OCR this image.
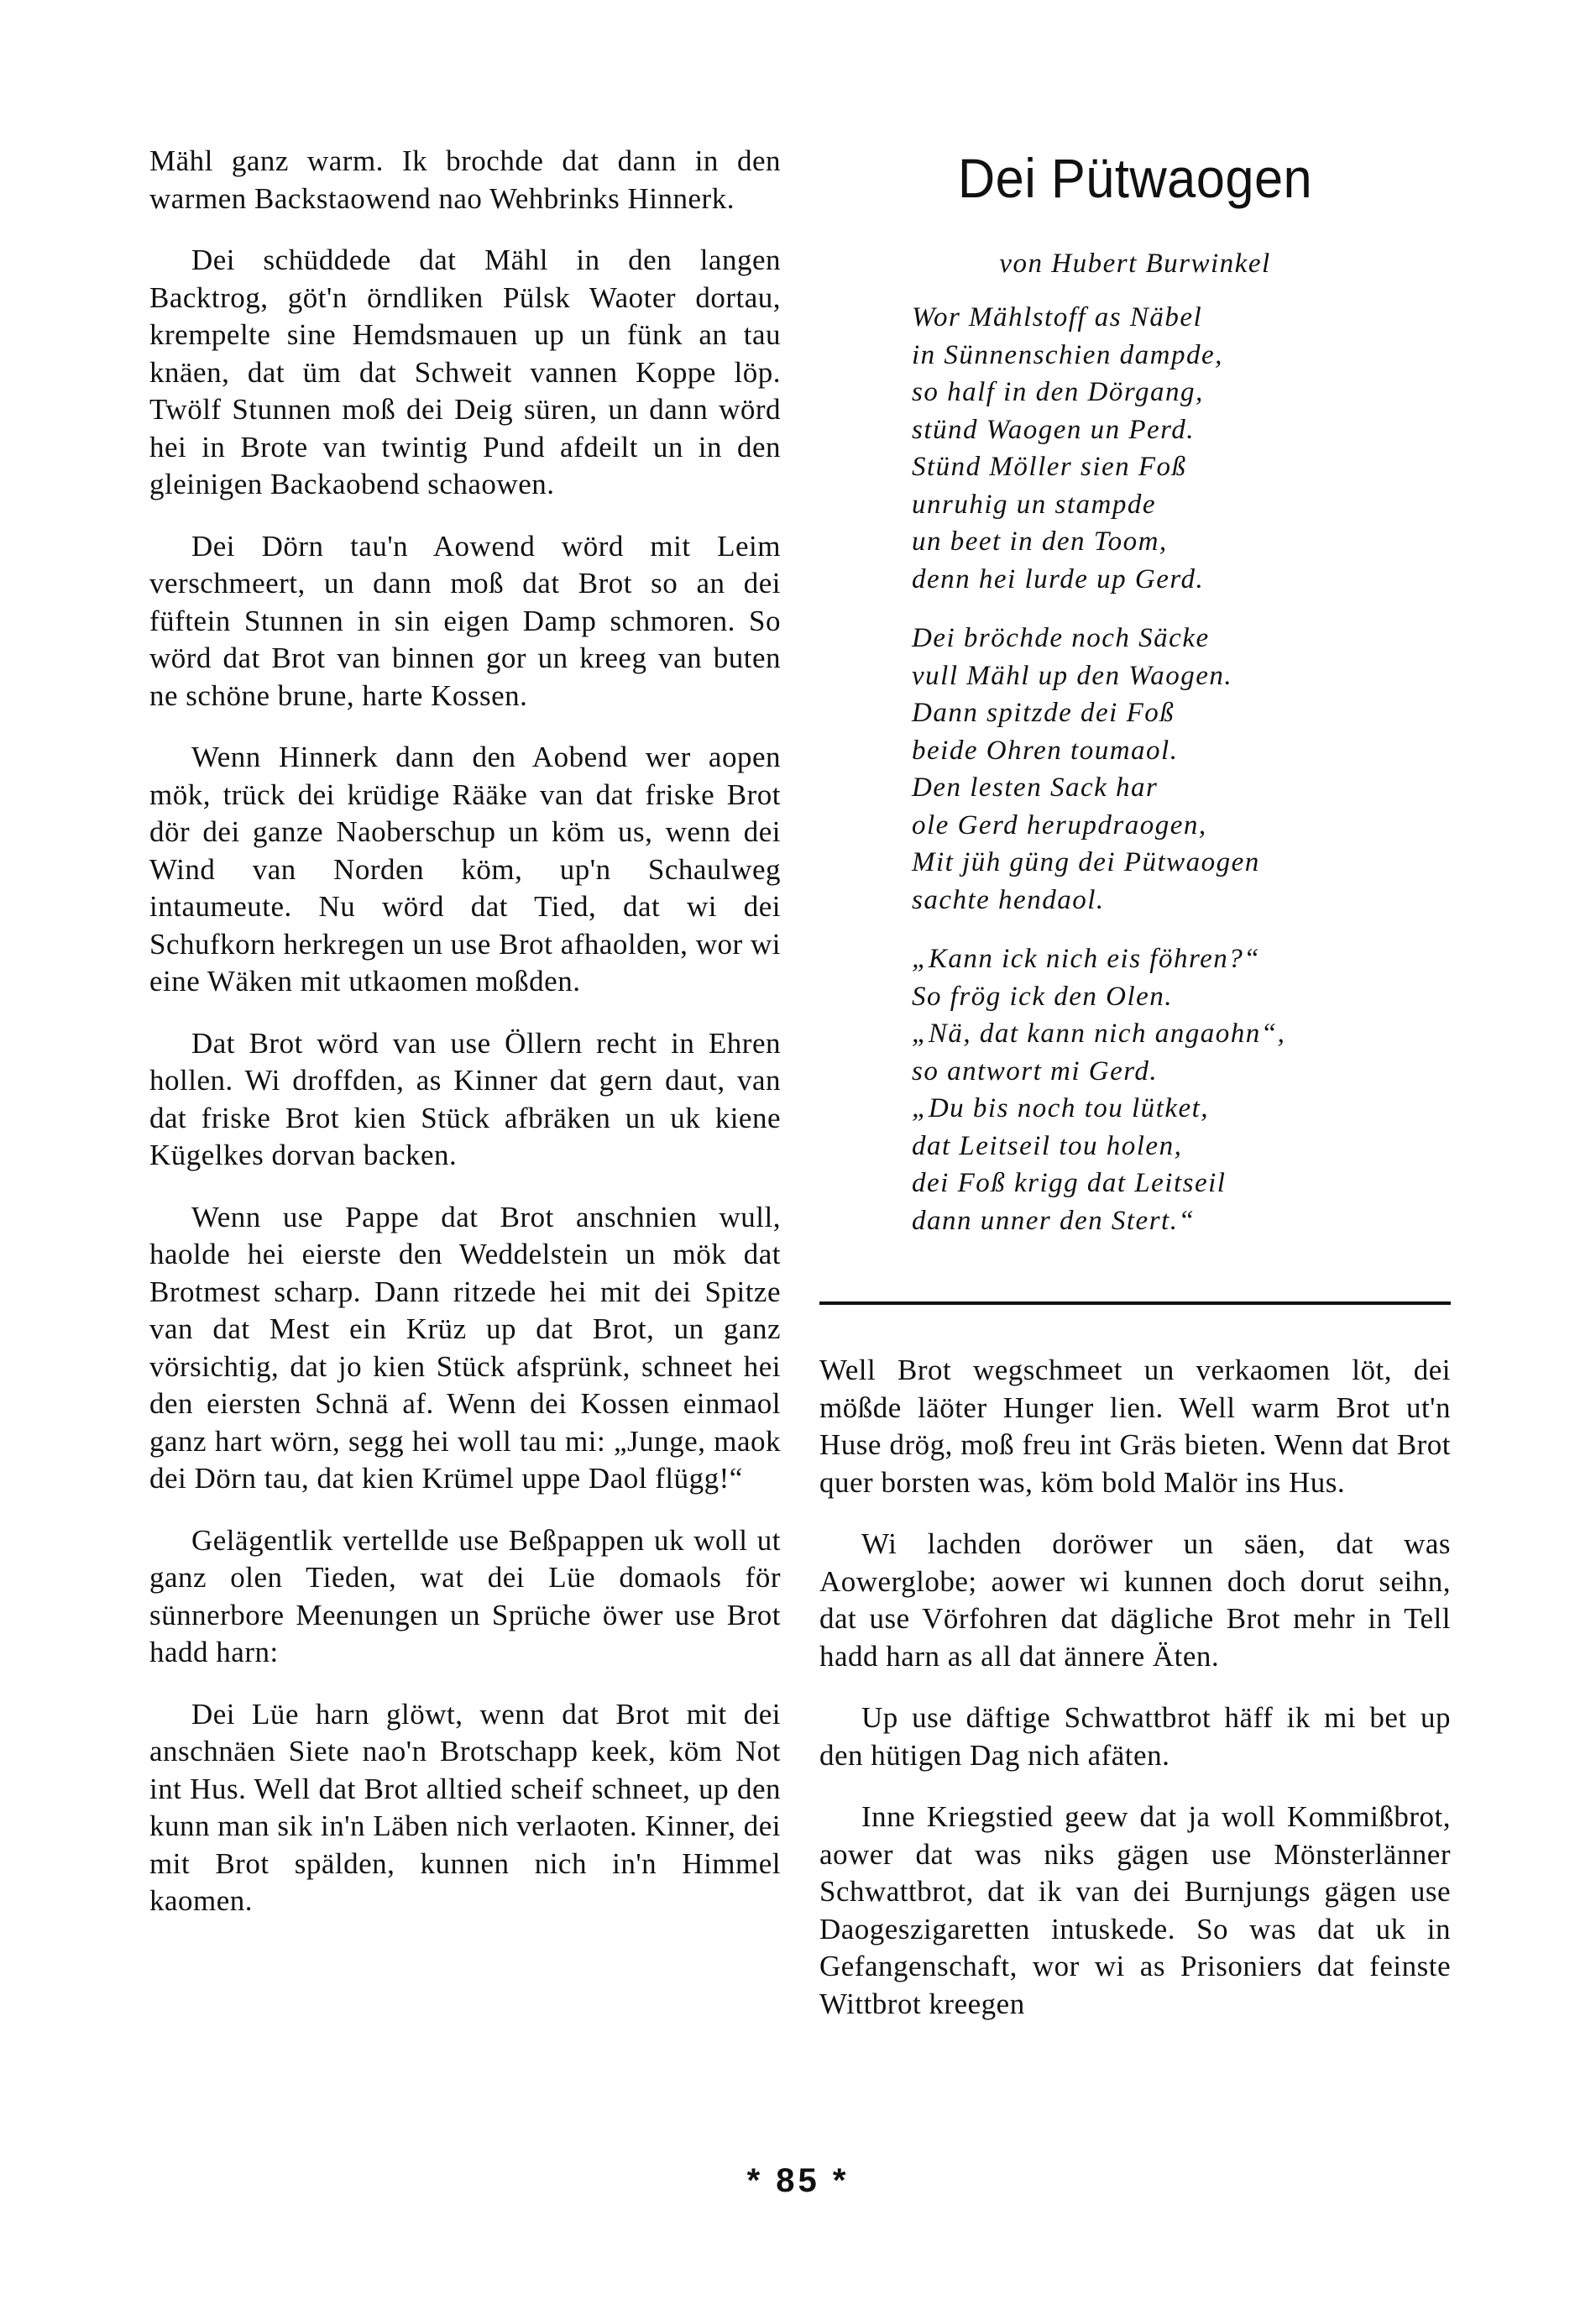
Mähl ganz warm. Ik brochde dat dann in den warmen Backstaowend nao Wehbrinks Hinnerk.

Dei schüddede dat Mähl in den langen Backtrog, göt'n örndliken Pülsk Waoter dortau, krempelte sine Hemdsmauen up un fünk an tau knäen, dat üm dat Schweit vannen Koppe löp. Twölf Stunnen moß dei Deig süren, un dann wörd hei in Brote van twintig Pund afdeilt un in den gleinigen Backaobend schaowen.

Dei Dörn tau'n Aowend wörd mit Leim verschmeert, un dann moß dat Brot so an dei füftein Stunnen in sin eigen Damp schmoren. So wörd dat Brot van binnen gor un kreeg van buten ne schöne brune, harte Kossen.

Wenn Hinnerk dann den Aobend wer aopen mök, trück dei krüdige Rääke van dat friske Brot dör dei ganze Naoberschup un köm us, wenn dei Wind van Norden köm, up'n Schaulweg intaumeute. Nu wörd dat Tied, dat wi dei Schufkorn herkregen un use Brot afhaolden, wor wi eine Wäken mit utkaomen moßden.

Dat Brot wörd van use Öllern recht in Ehren hollen. Wi droffden, as Kinner dat gern daut, van dat friske Brot kien Stück afbräken un uk kiene Kügelkes dorvan backen.

Wenn use Pappe dat Brot anschnien wull, haolde hei eierste den Weddelstein un mök dat Brotmest scharp. Dann ritzede hei mit dei Spitze van dat Mest ein Krüz up dat Brot, un ganz vörsichtig, dat jo kien Stück afsprünk, schneet hei den eiersten Schnä af. Wenn dei Kossen einmaol ganz hart wörn, segg hei woll tau mi: „Junge, maok dei Dörn tau, dat kien Krümel uppe Daol flügg!“

Gelägentlik vertellde use Beßpappen uk woll ut ganz olen Tieden, wat dei Lüe domaols för sünnerbore Meenungen un Sprüche öwer use Brot hadd harn:

Dei Lüe harn glöwt, wenn dat Brot mit dei anschnäen Siete nao'n Brotschapp keek, köm Not int Hus. Well dat Brot alltied scheif schneet, up den kunn man sik in'n Läben nich verlaoten. Kinner, dei mit Brot spälden, kunnen nich in'n Himmel kaomen.

Dei Pütwaogen
von Hubert Burwinkel
Wor Mählstoff as Näbel
in Sünnenschien dampde,
so half in den Dörgang,
stünd Waogen un Perd.
Stünd Möller sien Foß
unruhig un stampde
un beet in den Toom,
denn hei lurde up Gerd.
Dei bröchde noch Säcke
vull Mähl up den Waogen.
Dann spitzde dei Foß
beide Ohren toumaol.
Den lesten Sack har
ole Gerd herupdraogen,
Mit jüh güng dei Pütwaogen
sachte hendaol.
„Kann ick nich eis föhren?“
So frög ick den Olen.
„Nä, dat kann nich angaohn“,
so antwort mi Gerd.
„Du bis noch tou lütket,
dat Leitseil tou holen,
dei Foß krigg dat Leitseil
dann unner den Stert.“

Well Brot wegschmeet un verkaomen löt, dei mößde läöter Hunger lien. Well warm Brot ut'n Huse drög, moß freu int Gräs bieten. Wenn dat Brot quer borsten was, köm bold Malör ins Hus.

Wi lachden doröwer un säen, dat was Aowerglobe; aower wi kunnen doch dorut seihn, dat use Vörfohren dat dägliche Brot mehr in Tell hadd harn as all dat ännere Äten.

Up use däftige Schwattbrot häff ik mi bet up den hütigen Dag nich afäten.

Inne Kriegstied geew dat ja woll Kommißbrot, aower dat was niks gägen use Mönsterlänner Schwattbrot, dat ik van dei Burnjungs gägen use Daogeszigaretten intuskede. So was dat uk in Gefangenschaft, wor wi as Prisoniers dat feinste Wittbrot kreegen

* 85 *
